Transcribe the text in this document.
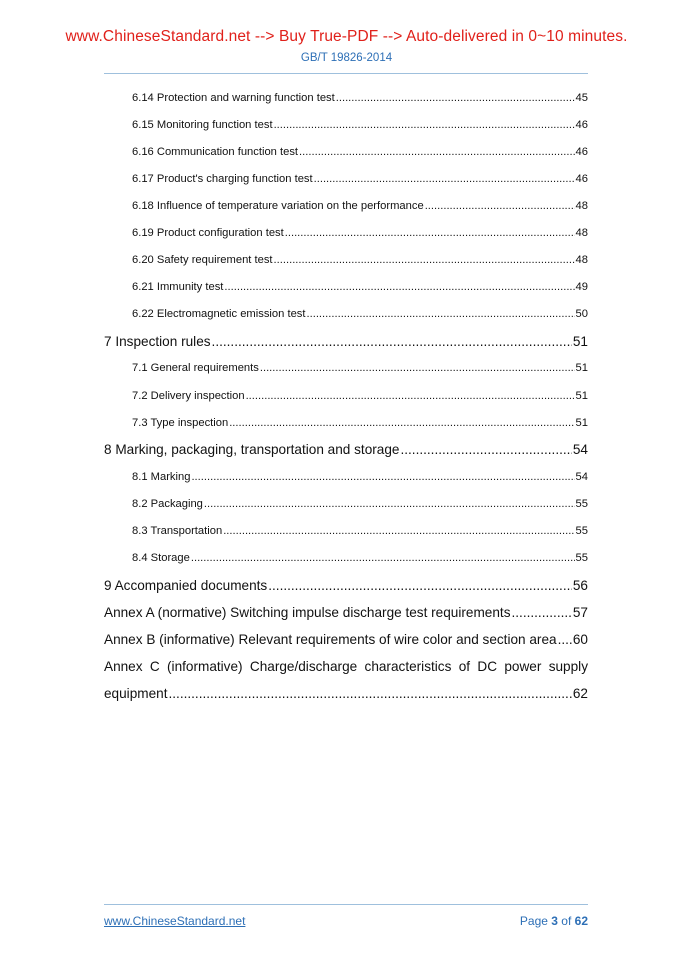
www.ChineseStandard.net --> Buy True-PDF --> Auto-delivered in 0~10 minutes.
GB/T 19826-2014
6.14 Protection and warning function test .....	45
6.15 Monitoring function test .....	46
6.16 Communication function test .....	46
6.17 Product's charging function test .....	46
6.18 Influence of temperature variation on the performance .....	48
6.19 Product configuration test .....	48
6.20 Safety requirement test .....	48
6.21 Immunity test .....	49
6.22 Electromagnetic emission test .....	50
7 Inspection rules .....	51
7.1 General requirements .....	51
7.2 Delivery inspection .....	51
7.3 Type inspection .....	51
8 Marking, packaging, transportation and storage .....	54
8.1 Marking .....	54
8.2 Packaging .....	55
8.3 Transportation .....	55
8.4 Storage .....	55
9 Accompanied documents .....	56
Annex A (normative) Switching impulse discharge test requirements .....	57
Annex B (informative) Relevant requirements of wire color and section area ..... 60
Annex C (informative) Charge/discharge characteristics of DC power supply
equipment .....	62
www.ChineseStandard.net	Page 3 of 62
